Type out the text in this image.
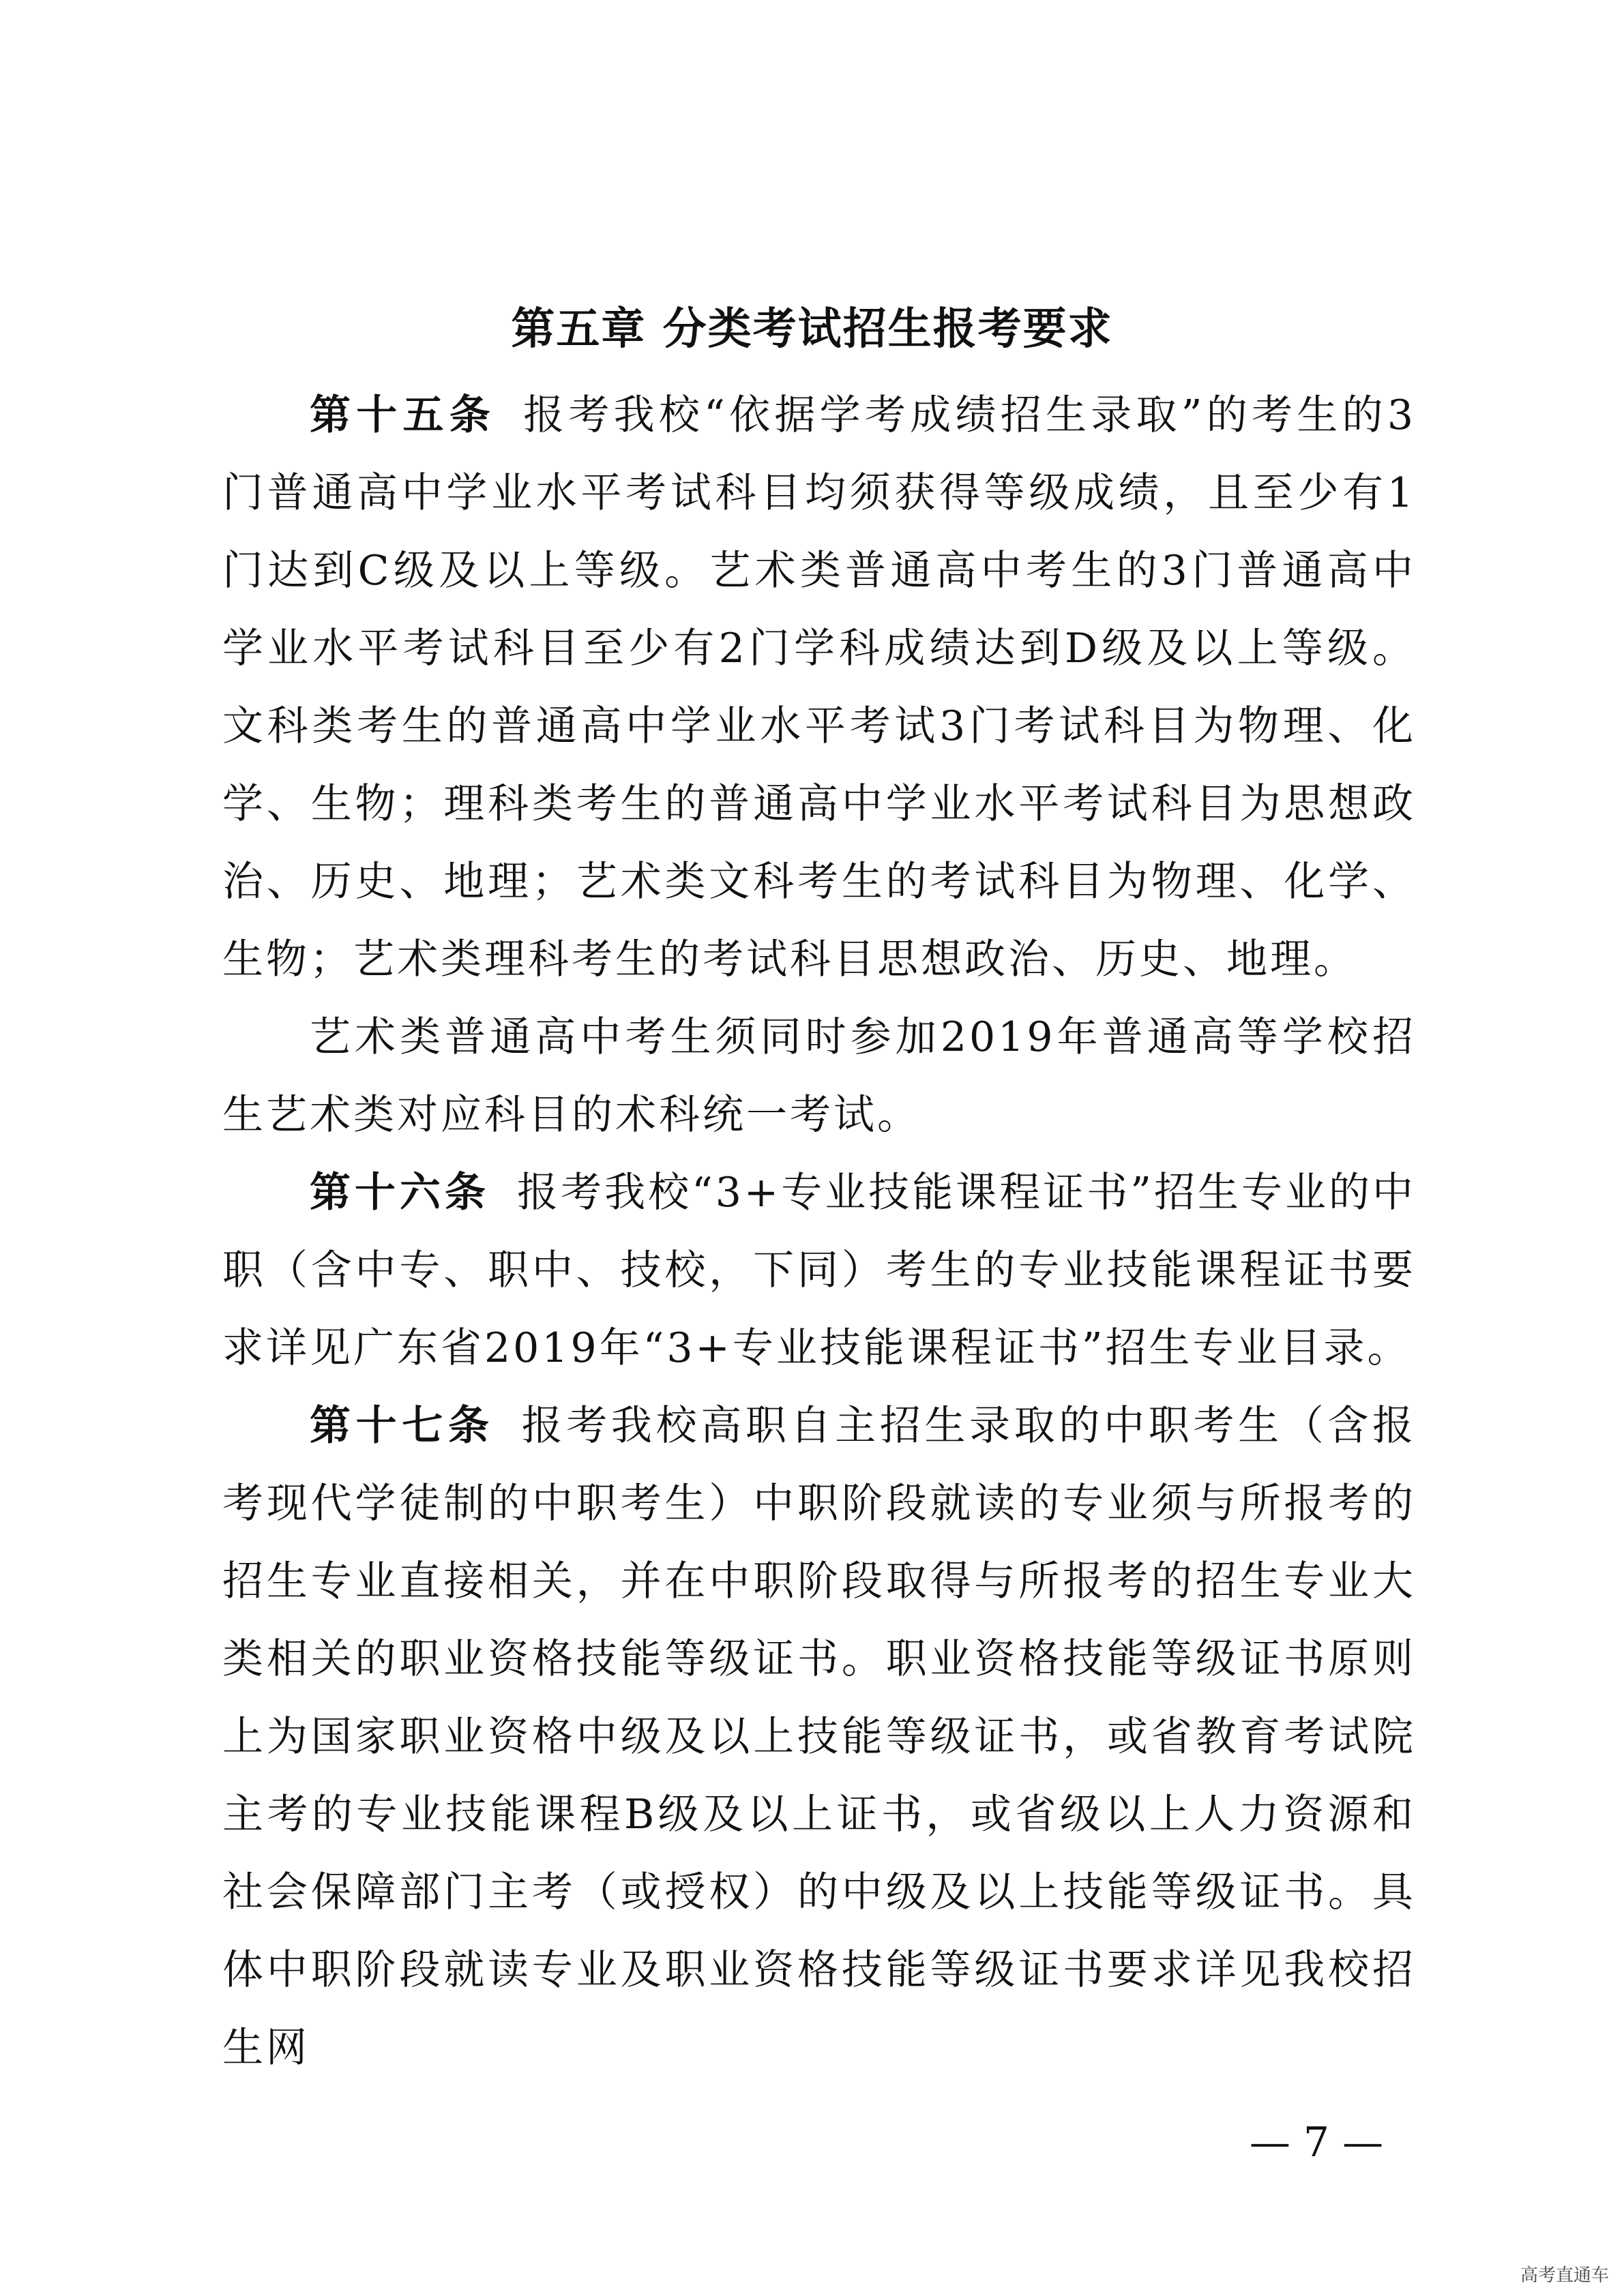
第五章 分类考试招生报考要求

第十五条 报考我校“依据学考成绩招生录取”的考生的3门普通高中学业水平考试科目均须获得等级成绩，且至少有1门达到C级及以上等级。艺术类普通高中考生的3门普通高中学业水平考试科目至少有2门学科成绩达到D级及以上等级。文科类考生的普通高中学业水平考试3门考试科目为物理、化学、生物；理科类考生的普通高中学业水平考试科目为思想政治、历史、地理；艺术类文科考生的考试科目为物理、化学、生物；艺术类理科考生的考试科目思想政治、历史、地理。

艺术类普通高中考生须同时参加2019年普通高等学校招生艺术类对应科目的术科统一考试。

第十六条 报考我校“3+专业技能课程证书”招生专业的中职（含中专、职中、技校，下同）考生的专业技能课程证书要求详见广东省2019年“3+专业技能课程证书”招生专业目录。

第十七条 报考我校高职自主招生录取的中职考生（含报考现代学徒制的中职考生）中职阶段就读的专业须与所报考的招生专业直接相关，并在中职阶段取得与所报考的招生专业大类相关的职业资格技能等级证书。职业资格技能等级证书原则上为国家职业资格中级及以上技能等级证书，或省教育考试院主考的专业技能课程B级及以上证书，或省级以上人力资源和社会保障部门主考（或授权）的中级及以上技能等级证书。具体中职阶段就读专业及职业资格技能等级证书要求详见我校招生网

— 7 —
高考直通车
